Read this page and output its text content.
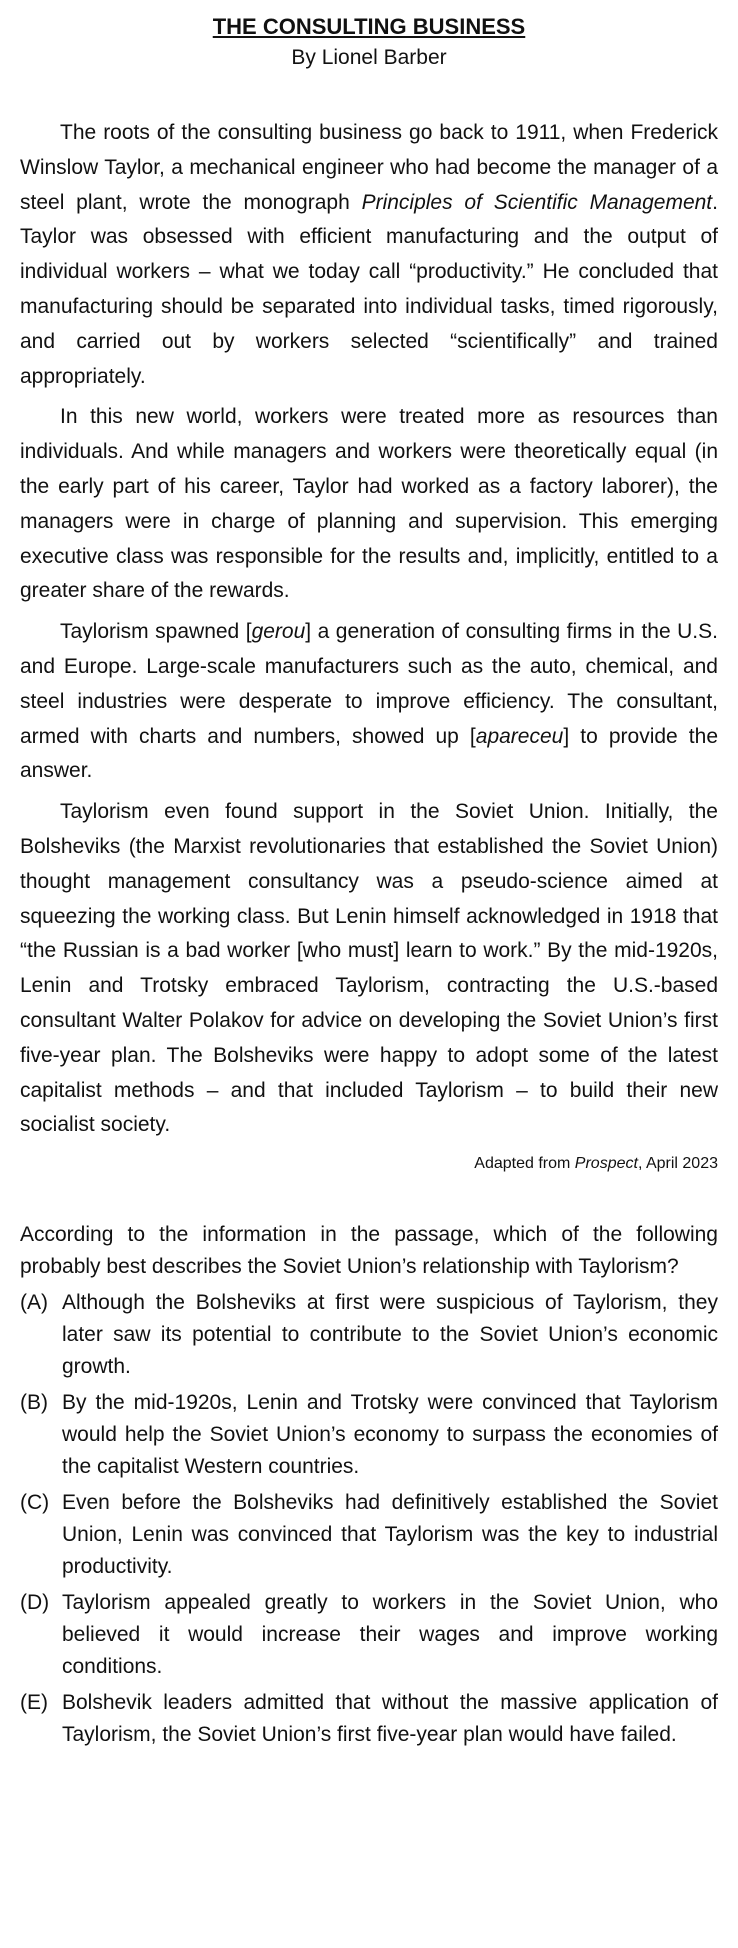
THE CONSULTING BUSINESS

By Lionel Barber

The roots of the consulting business go back to 1911, when Frederick Winslow Taylor, a mechanical engineer who had become the manager of a steel plant, wrote the monograph Principles of Scientific Management. Taylor was obsessed with efficient manufacturing and the output of individual workers – what we today call “productivity.” He concluded that manufacturing should be separated into individual tasks, timed rigorously, and carried out by workers selected “scientifically” and trained appropriately.

In this new world, workers were treated more as resources than individuals. And while managers and workers were theoretically equal (in the early part of his career, Taylor had worked as a factory laborer), the managers were in charge of planning and supervision. This emerging executive class was responsible for the results and, implicitly, entitled to a greater share of the rewards.

Taylorism spawned [gerou] a generation of consulting firms in the U.S. and Europe. Large-scale manufacturers such as the auto, chemical, and steel industries were desperate to improve efficiency. The consultant, armed with charts and numbers, showed up [apareceu] to provide the answer.

Taylorism even found support in the Soviet Union. Initially, the Bolsheviks (the Marxist revolutionaries that established the Soviet Union) thought management consultancy was a pseudo-science aimed at squeezing the working class. But Lenin himself acknowledged in 1918 that “the Russian is a bad worker [who must] learn to work.” By the mid-1920s, Lenin and Trotsky embraced Taylorism, contracting the U.S.-based consultant Walter Polakov for advice on developing the Soviet Union’s first five-year plan. The Bolsheviks were happy to adopt some of the latest capitalist methods – and that included Taylorism – to build their new socialist society.

Adapted from Prospect, April 2023

According to the information in the passage, which of the following probably best describes the Soviet Union’s relationship with Taylorism?
(A) Although the Bolsheviks at first were suspicious of Taylorism, they later saw its potential to contribute to the Soviet Union’s economic growth.
(B) By the mid-1920s, Lenin and Trotsky were convinced that Taylorism would help the Soviet Union’s economy to surpass the economies of the capitalist Western countries.
(C) Even before the Bolsheviks had definitively established the Soviet Union, Lenin was convinced that Taylorism was the key to industrial productivity.
(D) Taylorism appealed greatly to workers in the Soviet Union, who believed it would increase their wages and improve working conditions.
(E) Bolshevik leaders admitted that without the massive application of Taylorism, the Soviet Union’s first five-year plan would have failed.
